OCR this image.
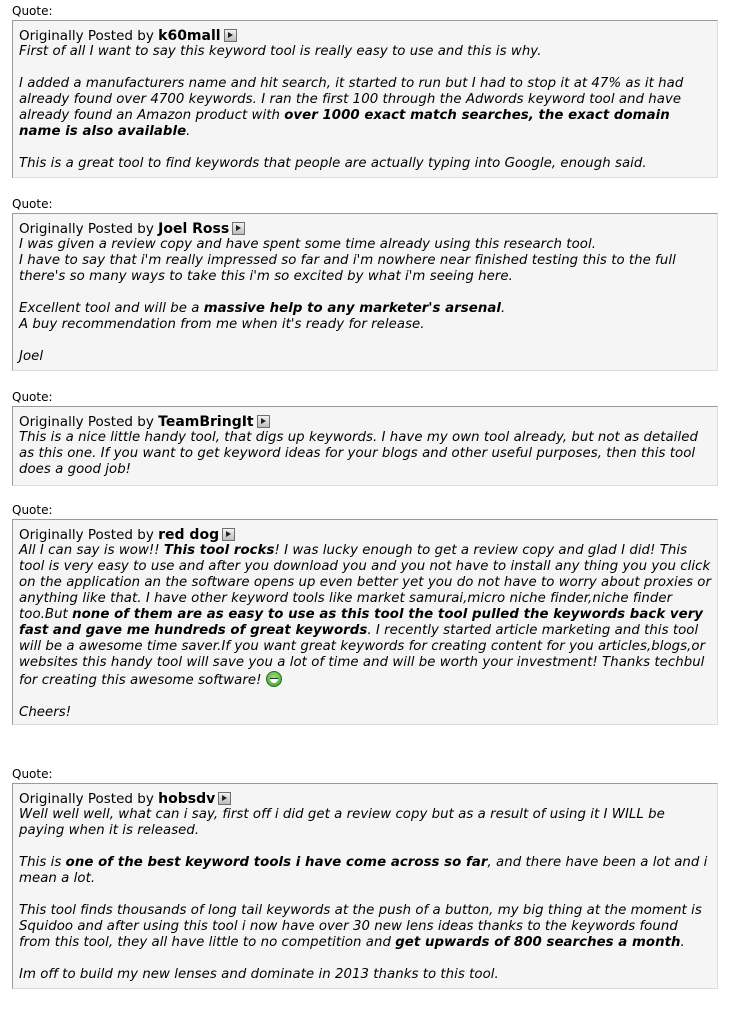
Quote:
Originally Posted by k60mall

First of all I want to say this keyword tool is really easy to use and this is why.

I added a manufacturers name and hit search, it started to run but I had to stop it at 47% as it had already found over 4700 keywords. I ran the first 100 through the Adwords keyword tool and have already found an Amazon product with over 1000 exact match searches, the exact domain name is also available.

This is a great tool to find keywords that people are actually typing into Google, enough said.

Quote:
Originally Posted by Joel Ross

I was given a review copy and have spent some time already using this research tool.
I have to say that i'm really impressed so far and i'm nowhere near finished testing this to the full there's so many ways to take this i'm so excited by what i'm seeing here.

Excellent tool and will be a massive help to any marketer's arsenal.
A buy recommendation from me when it's ready for release.

Joel

Quote:
Originally Posted by TeamBringIt

This is a nice little handy tool, that digs up keywords. I have my own tool already, but not as detailed as this one. If you want to get keyword ideas for your blogs and other useful purposes, then this tool does a good job!

Quote:
Originally Posted by red dog

All I can say is wow!! This tool rocks! I was lucky enough to get a review copy and glad I did! This tool is very easy to use and after you download you and you not have to install any thing you you click on the application an the software opens up even better yet you do not have to worry about proxies or anything like that. I have other keyword tools like market samurai,micro niche finder,niche finder too.But none of them are as easy to use as this tool the tool pulled the keywords back very fast and gave me hundreds of great keywords. I recently started article marketing and this tool will be a awesome time saver.If you want great keywords for creating content for you articles,blogs,or websites this handy tool will save you a lot of time and will be worth your investment! Thanks techbul for creating this awesome software!

Cheers!

Quote:
Originally Posted by hobsdv

Well well well, what can i say, first off i did get a review copy but as a result of using it I WILL be paying when it is released.

This is one of the best keyword tools i have come across so far, and there have been a lot and i mean a lot.

This tool finds thousands of long tail keywords at the push of a button, my big thing at the moment is Squidoo and after using this tool i now have over 30 new lens ideas thanks to the keywords found from this tool, they all have little to no competition and get upwards of 800 searches a month.

Im off to build my new lenses and dominate in 2013 thanks to this tool.
